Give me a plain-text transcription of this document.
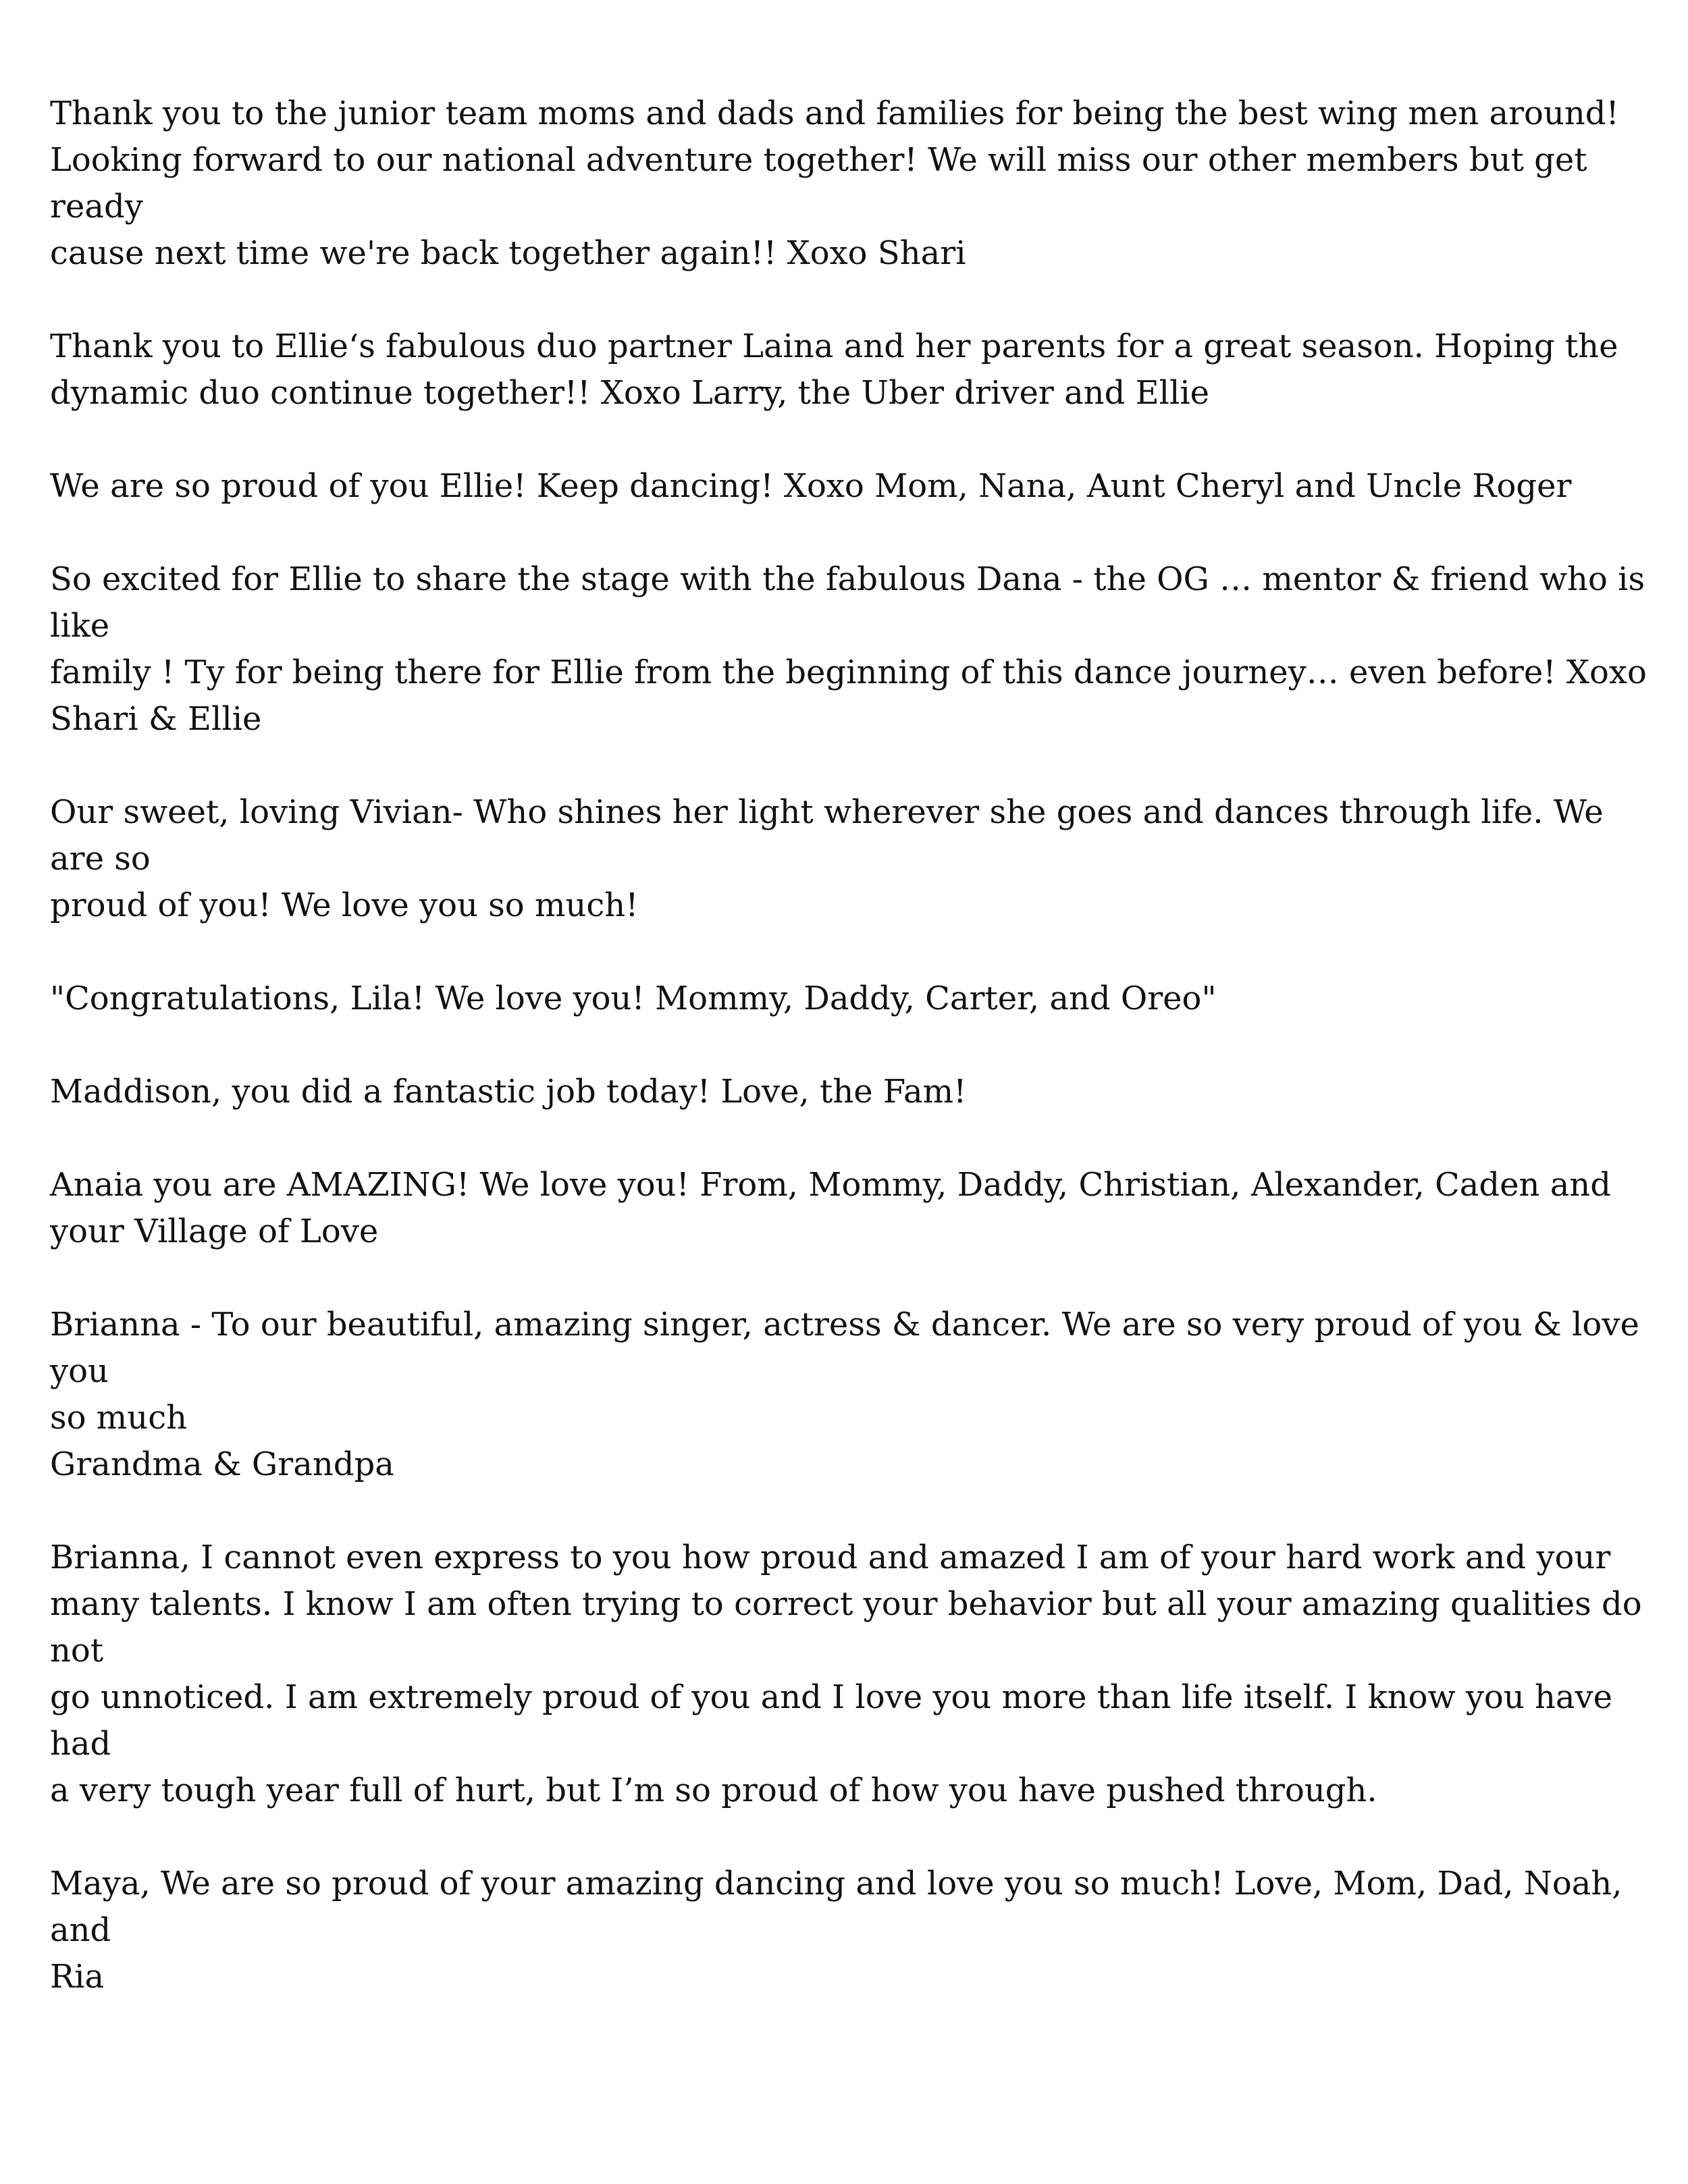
Thank you to the junior team moms and dads and families for being the best wing men around!
Looking forward to our national adventure together! We will miss our other members but get ready
cause next time we're back together again!! Xoxo Shari

Thank you to Ellie‘s fabulous duo partner Laina and her parents for a great season. Hoping the
dynamic duo continue together!! Xoxo Larry, the Uber driver and Ellie

We are so proud of you Ellie! Keep dancing! Xoxo Mom, Nana, Aunt Cheryl and Uncle Roger

So excited for Ellie to share the stage with the fabulous Dana - the OG … mentor & friend who is like
family ! Ty for being there for Ellie from the beginning of this dance journey… even before! Xoxo
Shari & Ellie

Our sweet, loving Vivian- Who shines her light wherever she goes and dances through life. We are so
proud of you! We love you so much!

"Congratulations, Lila! We love you! Mommy, Daddy, Carter, and Oreo"

Maddison, you did a fantastic job today! Love, the Fam!

Anaia you are AMAZING! We love you! From, Mommy, Daddy, Christian, Alexander, Caden and
your Village of Love

Brianna - To our beautiful, amazing singer, actress & dancer. We are so very proud of you & love you
so much
Grandma & Grandpa

Brianna, I cannot even express to you how proud and amazed I am of your hard work and your
many talents. I know I am often trying to correct your behavior but all your amazing qualities do not
go unnoticed. I am extremely proud of you and I love you more than life itself. I know you have had
a very tough year full of hurt, but I’m so proud of how you have pushed through.

Maya, We are so proud of your amazing dancing and love you so much! Love, Mom, Dad, Noah, and
Ria
